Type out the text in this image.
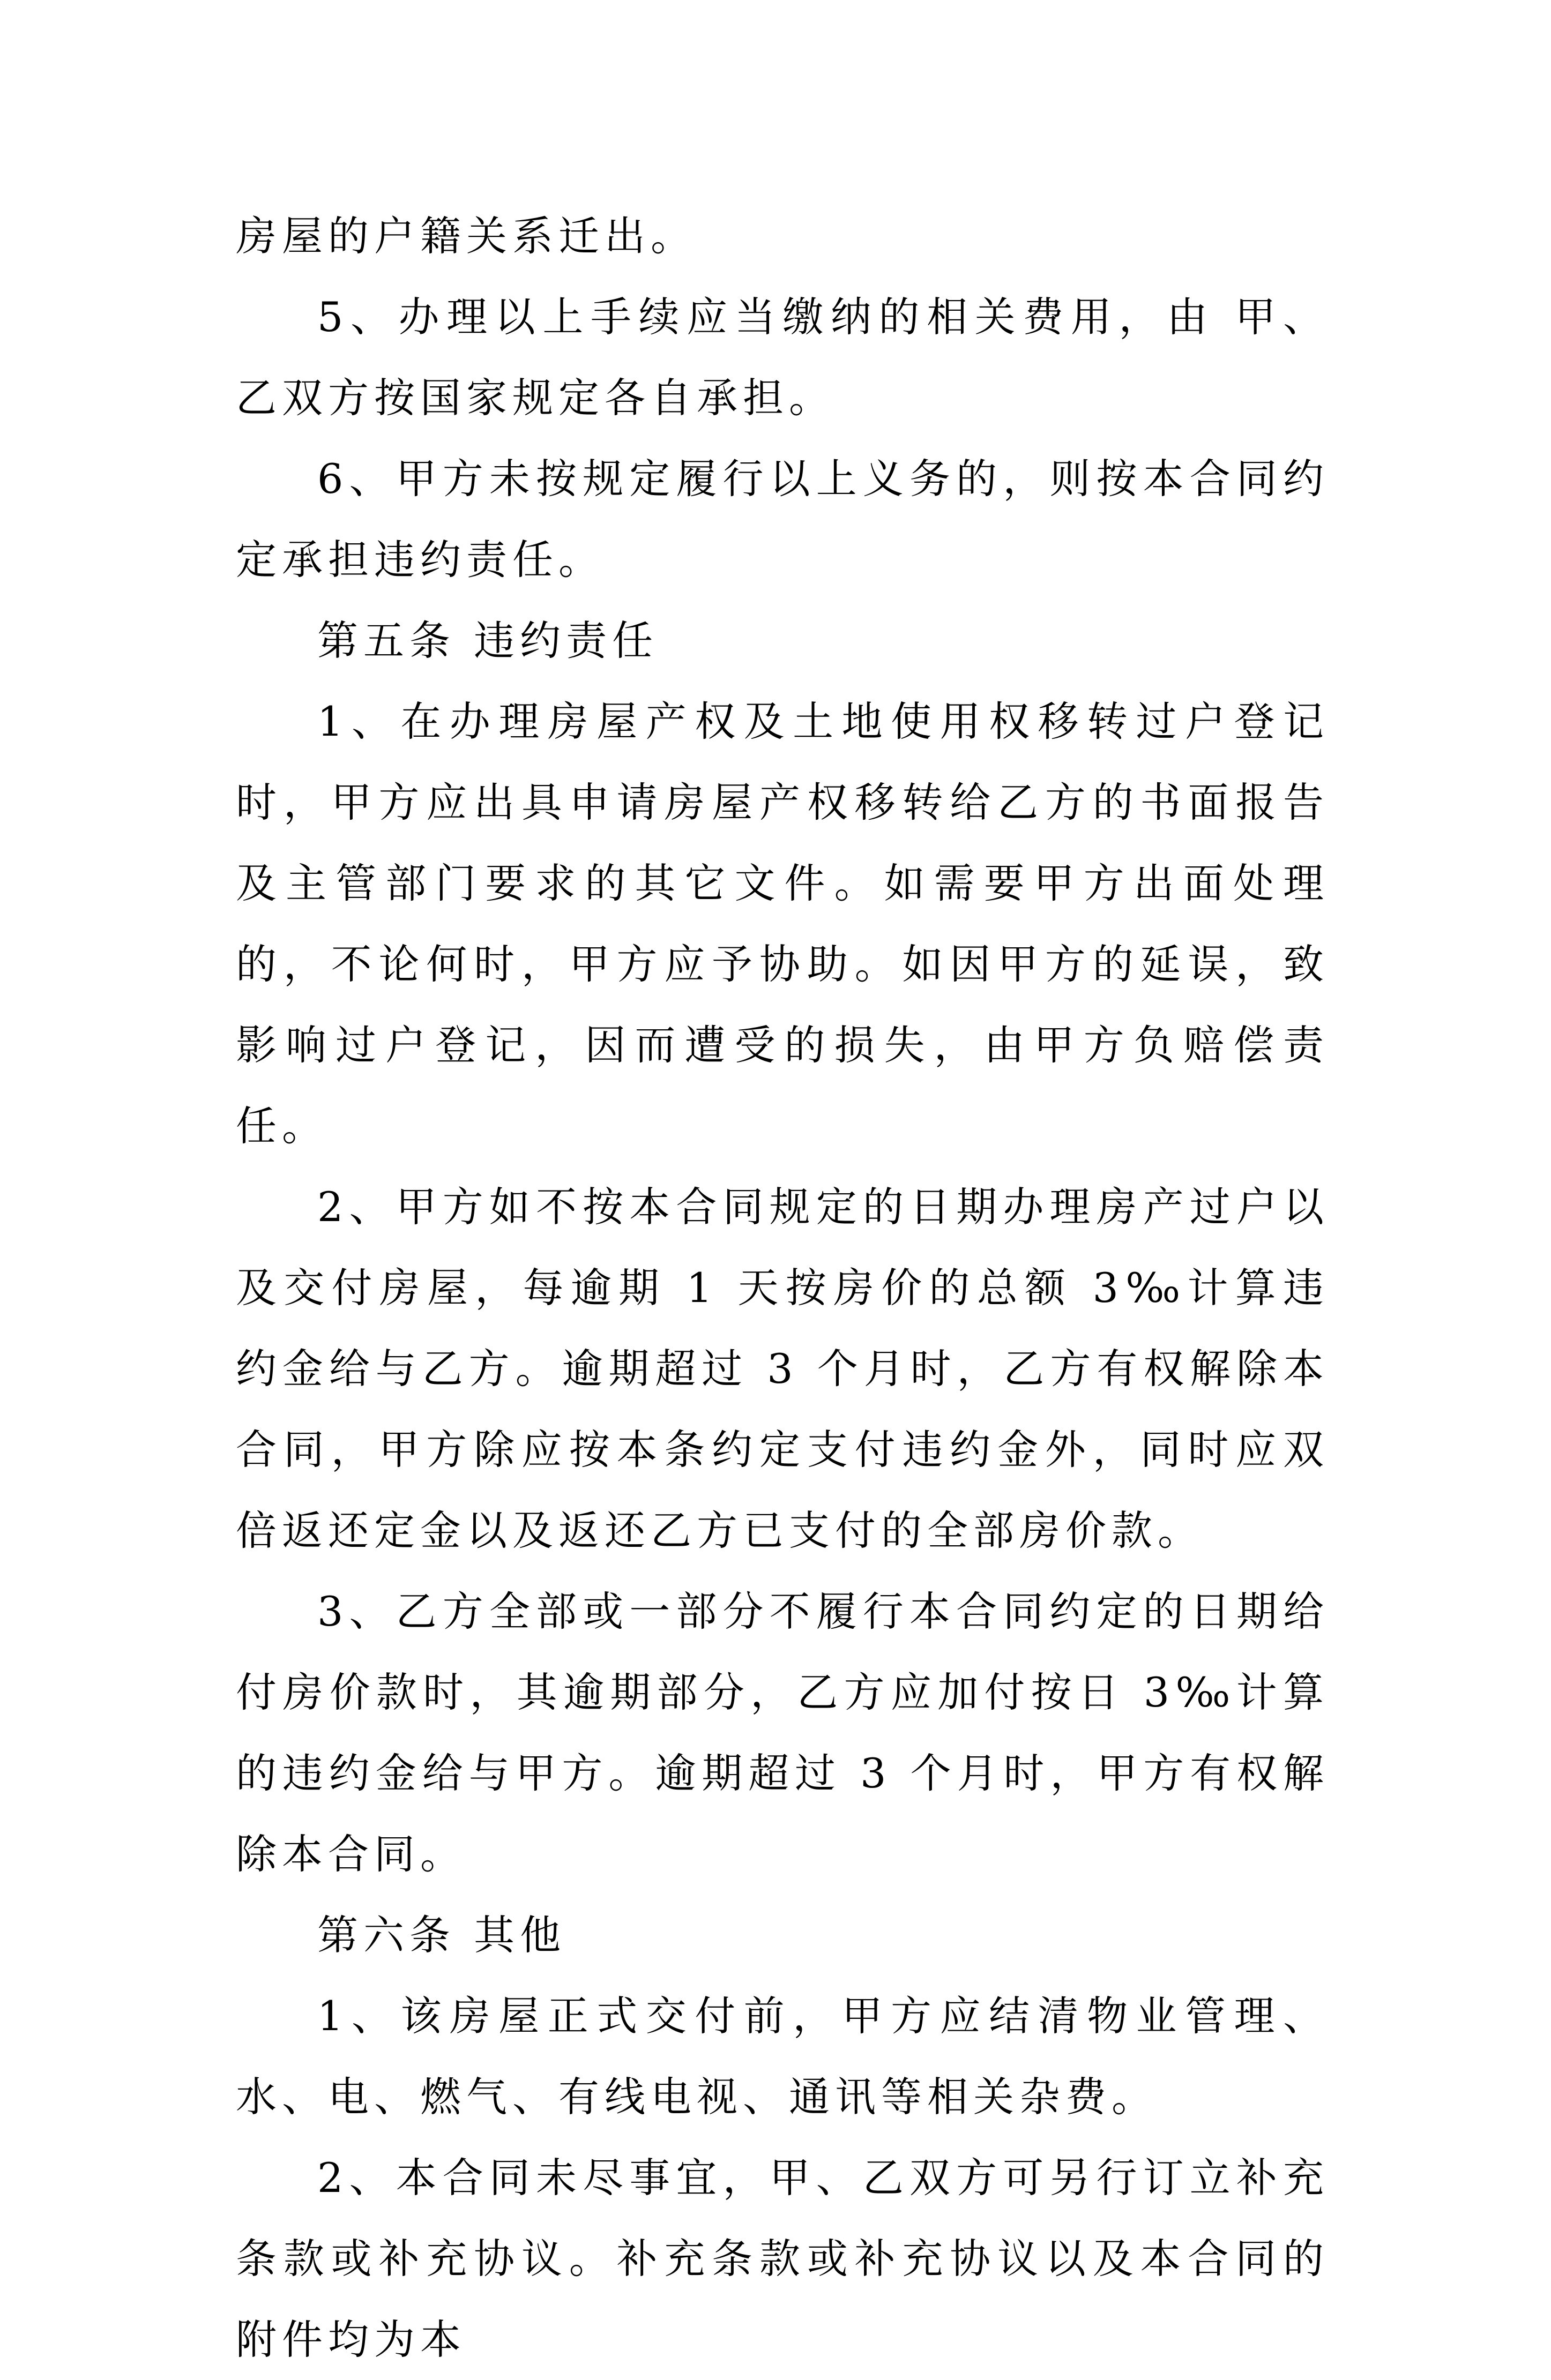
房屋的户籍关系迁出。

5、办理以上手续应当缴纳的相关费用，由 甲、乙双方按国家规定各自承担。

6、甲方未按规定履行以上义务的，则按本合同约定承担违约责任。

第五条 违约责任

1、在办理房屋产权及土地使用权移转过户登记时，甲方应出具申请房屋产权移转给乙方的书面报告及主管部门要求的其它文件。如需要甲方出面处理的，不论何时，甲方应予协助。如因甲方的延误，致影响过户登记，因而遭受的损失，由甲方负赔偿责任。

2、甲方如不按本合同规定的日期办理房产过户以及交付房屋，每逾期 1 天按房价的总额 3‰计算违约金给与乙方。逾期超过 3 个月时，乙方有权解除本合同，甲方除应按本条约定支付违约金外，同时应双倍返还定金以及返还乙方已支付的全部房价款。

3、乙方全部或一部分不履行本合同约定的日期给付房价款时，其逾期部分，乙方应加付按日 3‰计算的违约金给与甲方。逾期超过 3 个月时，甲方有权解除本合同。

第六条 其他

1、该房屋正式交付前，甲方应结清物业管理、水、电、燃气、有线电视、通讯等相关杂费。

2、本合同未尽事宜，甲、乙双方可另行订立补充条款或补充协议。补充条款或补充协议以及本合同的附件均为本
